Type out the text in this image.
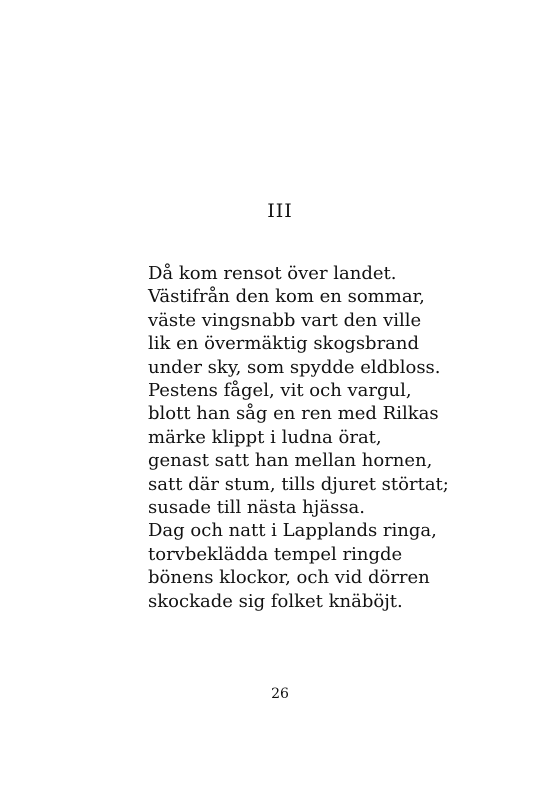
III
Då kom rensot över landet.
Västifrån den kom en sommar,
väste vingsnabb vart den ville
lik en övermäktig skogsbrand
under sky, som spydde eldbloss.
Pestens fågel, vit och vargul,
blott han såg en ren med Rilkas
märke klippt i ludna örat,
genast satt han mellan hornen,
satt där stum, tills djuret störtat;
susade till nästa hjässa.
Dag och natt i Lapplands ringa,
torvbeklädda tempel ringde
bönens klockor, och vid dörren
skockade sig folket knäböjt.
26
